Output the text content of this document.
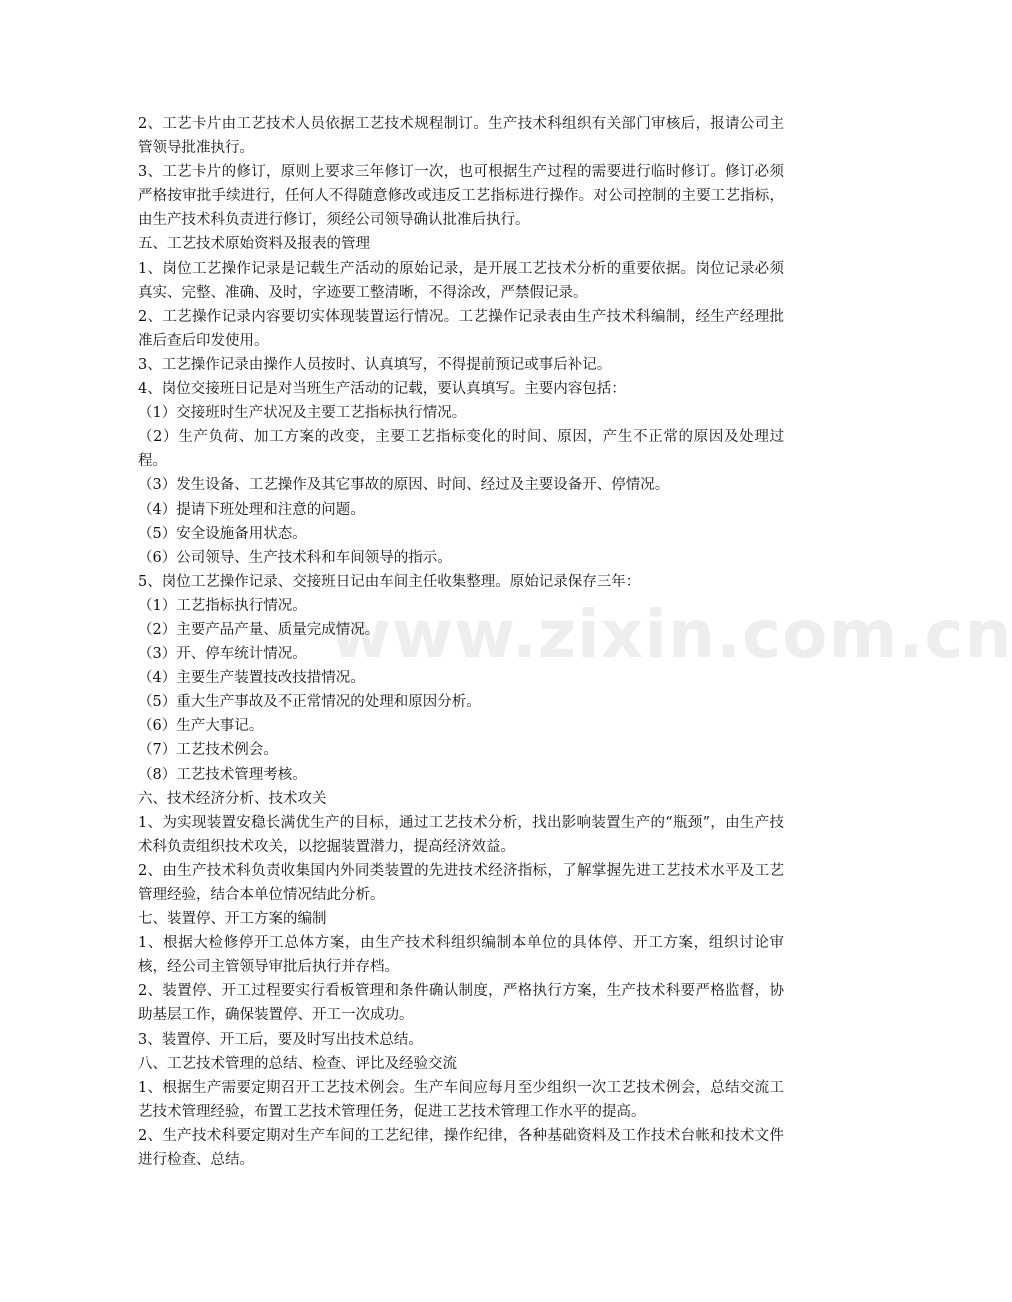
www.zixin.com.cn

2、工艺卡片由工艺技术人员依据工艺技术规程制订。生产技术科组织有关部门审核后，报请公司主管领导批准执行。

3、工艺卡片的修订，原则上要求三年修订一次，也可根据生产过程的需要进行临时修订。修订必须严格按审批手续进行，任何人不得随意修改或违反工艺指标进行操作。对公司控制的主要工艺指标，由生产技术科负责进行修订，须经公司领导确认批准后执行。

五、工艺技术原始资料及报表的管理

1、岗位工艺操作记录是记载生产活动的原始记录，是开展工艺技术分析的重要依据。岗位记录必须真实、完整、准确、及时，字迹要工整清晰，不得涂改，严禁假记录。

2、工艺操作记录内容要切实体现装置运行情况。工艺操作记录表由生产技术科编制，经生产经理批准后查后印发使用。

3、工艺操作记录由操作人员按时、认真填写，不得提前预记或事后补记。

4、岗位交接班日记是对当班生产活动的记载，要认真填写。主要内容包括：

（1）交接班时生产状况及主要工艺指标执行情况。

（2）生产负荷、加工方案的改变，主要工艺指标变化的时间、原因，产生不正常的原因及处理过程。

（3）发生设备、工艺操作及其它事故的原因、时间、经过及主要设备开、停情况。

（4）提请下班处理和注意的问题。

（5）安全设施备用状态。

（6）公司领导、生产技术科和车间领导的指示。

5、岗位工艺操作记录、交接班日记由车间主任收集整理。原始记录保存三年：

（1）工艺指标执行情况。

（2）主要产品产量、质量完成情况。

（3）开、停车统计情况。

（4）主要生产装置技改技措情况。

（5）重大生产事故及不正常情况的处理和原因分析。

（6）生产大事记。

（7）工艺技术例会。

（8）工艺技术管理考核。

六、技术经济分析、技术攻关

1、为实现装置安稳长满优生产的目标，通过工艺技术分析，找出影响装置生产的“瓶颈”，由生产技术科负责组织技术攻关，以挖掘装置潜力，提高经济效益。

2、由生产技术科负责收集国内外同类装置的先进技术经济指标，了解掌握先进工艺技术水平及工艺管理经验，结合本单位情况结此分析。

七、装置停、开工方案的编制

1、根据大检修停开工总体方案，由生产技术科组织编制本单位的具体停、开工方案，组织讨论审核，经公司主管领导审批后执行并存档。

2、装置停、开工过程要实行看板管理和条件确认制度，严格执行方案，生产技术科要严格监督，协助基层工作，确保装置停、开工一次成功。

3、装置停、开工后，要及时写出技术总结。

八、工艺技术管理的总结、检查、评比及经验交流

1、根据生产需要定期召开工艺技术例会。生产车间应每月至少组织一次工艺技术例会，总结交流工艺技术管理经验，布置工艺技术管理任务，促进工艺技术管理工作水平的提高。

2、生产技术科要定期对生产车间的工艺纪律，操作纪律，各种基础资料及工作技术台帐和技术文件进行检查、总结。
